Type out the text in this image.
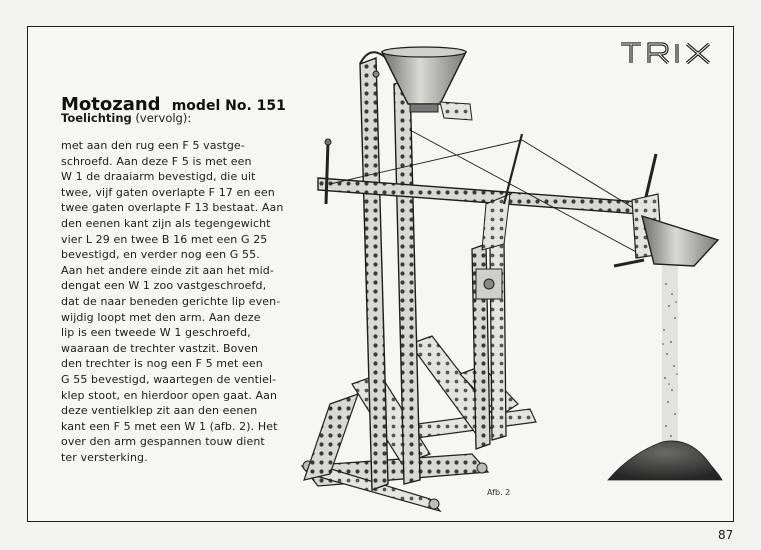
Motozand model No. 151

Toelichting (vervolg):

met aan den rug een F 5 vastge-
schroefd. Aan deze F 5 is met een
W 1 de draaiarm bevestigd, die uit
twee, vijf gaten overlapte F 17 en een
twee gaten overlapte F 13 bestaat. Aan
den eenen kant zijn als tegengewicht
vier L 29 en twee B 16 met een G 25
bevestigd, en verder nog een G 55.
Aan het andere einde zit aan het mid-
dengat een W 1 zoo vastgeschroefd,
dat de naar beneden gerichte lip even-
wijdig loopt met den arm. Aan deze
lip is een tweede W 1 geschroefd,
waaraan de trechter vastzit. Boven
den trechter is nog een F 5 met een
G 55 bevestigd, waartegen de ventiel-
klep stoot, en hierdoor open gaat. Aan
deze ventielklep zit aan den eenen
kant een F 5 met een W 1 (afb. 2). Het
over den arm gespannen touw dient
ter versterking.
Afb. 2
87
